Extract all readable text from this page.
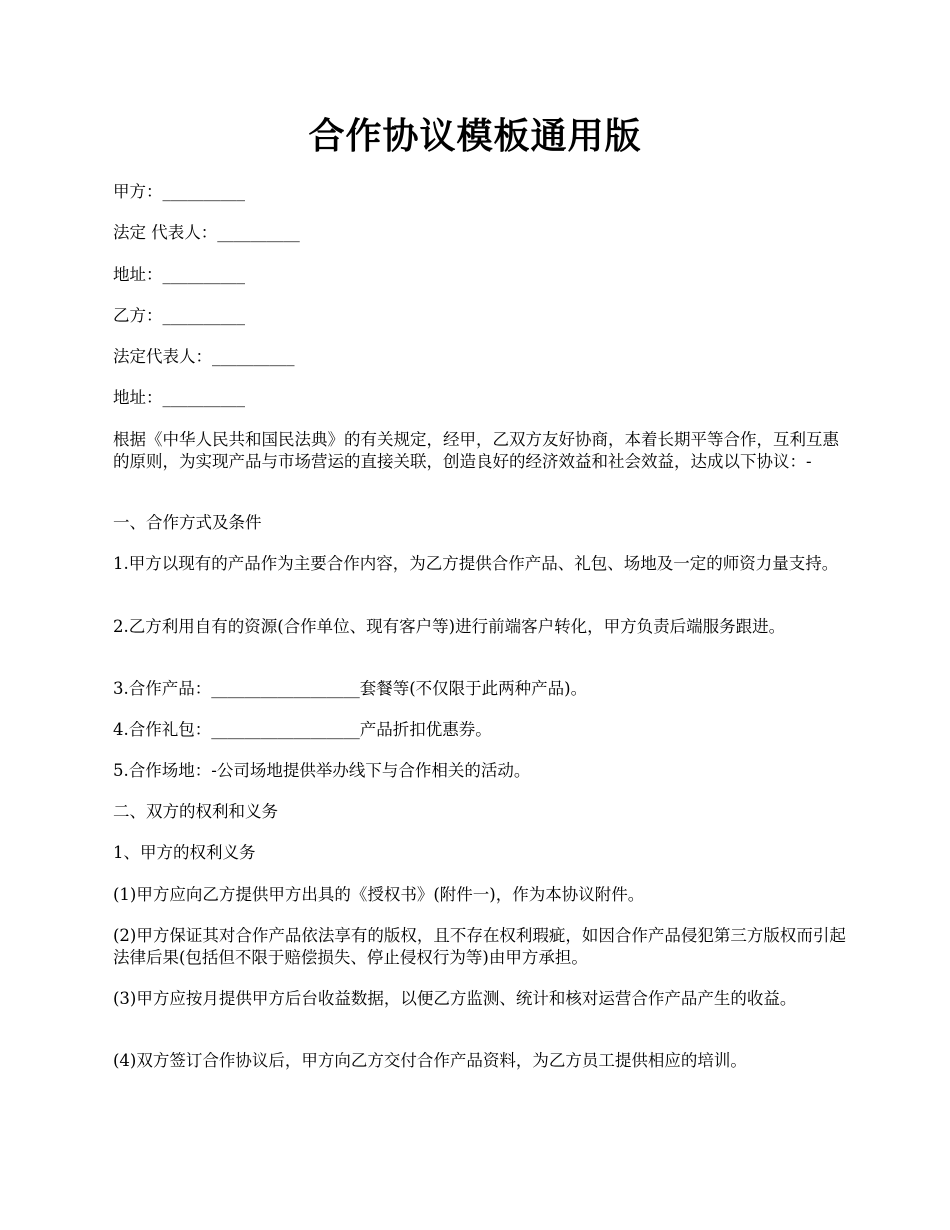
合作协议模板通用版
甲方：__________
法定 代表人：__________
地址：__________
乙方：__________
法定代表人：__________
地址：__________
根据《中华人民共和国民法典》的有关规定，经甲，乙双方友好协商，本着长期平等合作，互利互惠的原则，为实现产品与市场营运的直接关联，创造良好的经济效益和社会效益，达成以下协议：-
一、合作方式及条件
1.甲方以现有的产品作为主要合作内容，为乙方提供合作产品、礼包、场地及一定的师资力量支持。
2.乙方利用自有的资源(合作单位、现有客户等)进行前端客户转化，甲方负责后端服务跟进。
3.合作产品：__________________套餐等(不仅限于此两种产品)。
4.合作礼包：__________________产品折扣优惠券。
5.合作场地：-公司场地提供举办线下与合作相关的活动。
二、双方的权利和义务
1、甲方的权利义务
(1)甲方应向乙方提供甲方出具的《授权书》(附件一)，作为本协议附件。
(2)甲方保证其对合作产品依法享有的版权，且不存在权利瑕疵，如因合作产品侵犯第三方版权而引起法律后果(包括但不限于赔偿损失、停止侵权行为等)由甲方承担。
(3)甲方应按月提供甲方后台收益数据，以便乙方监测、统计和核对运营合作产品产生的收益。
(4)双方签订合作协议后，甲方向乙方交付合作产品资料，为乙方员工提供相应的培训。
